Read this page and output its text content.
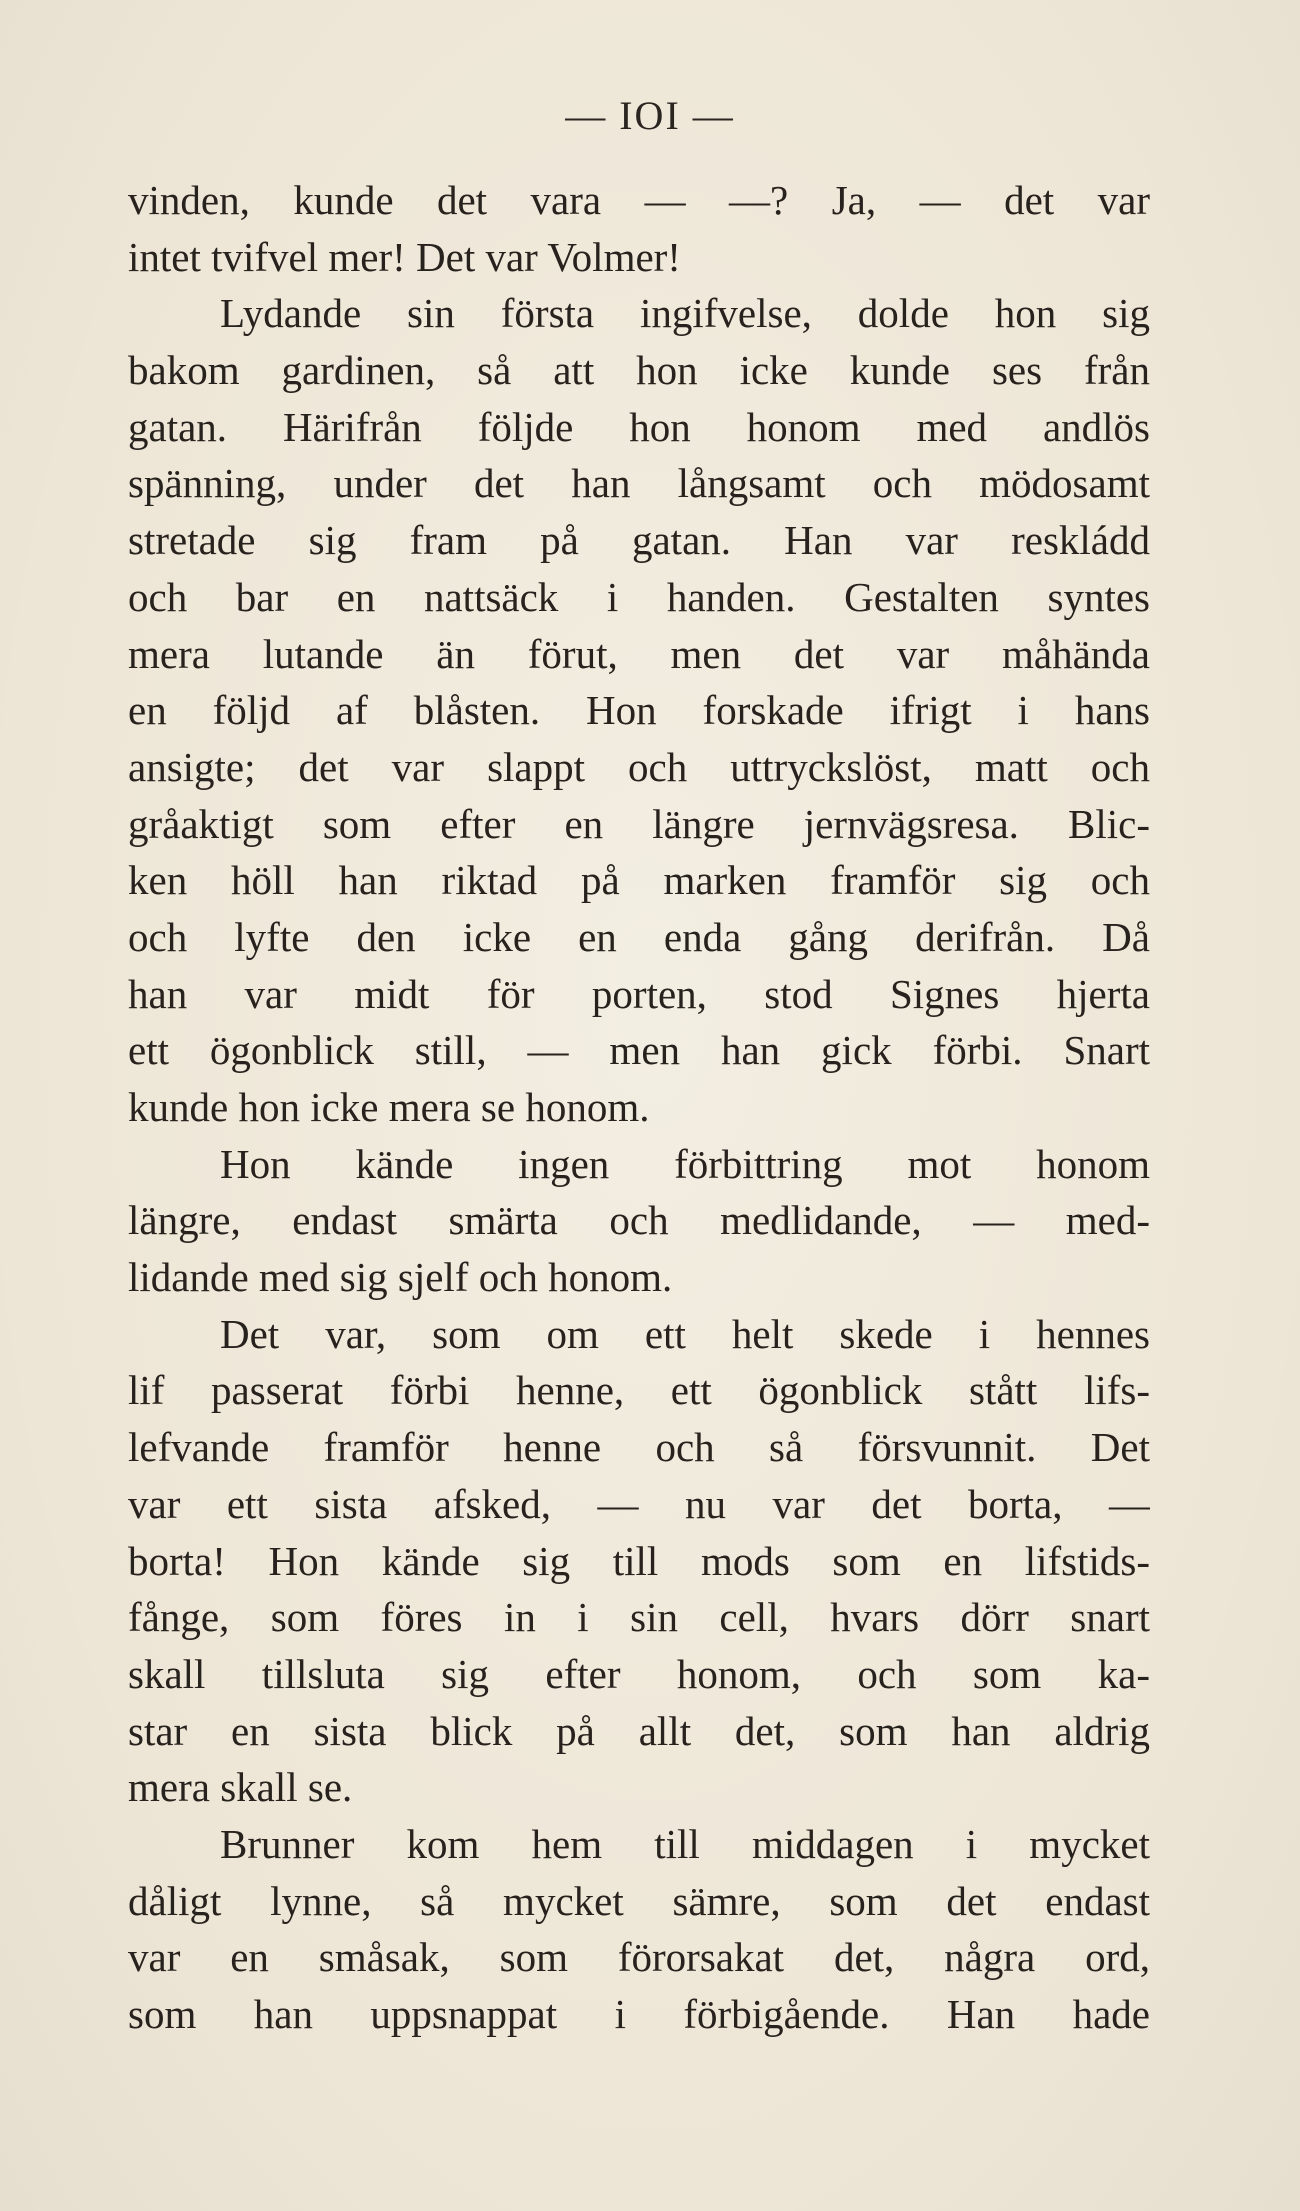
— IOI —
vinden, kunde det vara — —? Ja, — det var
intet tvifvel mer! Det var Volmer!
Lydande sin första ingifvelse, dolde hon sig
bakom gardinen, så att hon icke kunde ses från
gatan. Härifrån följde hon honom med andlös
spänning, under det han långsamt och mödosamt
stretade sig fram på gatan. Han var reskládd
och bar en nattsäck i handen. Gestalten syntes
mera lutande än förut, men det var måhända
en följd af blåsten. Hon forskade ifrigt i hans
ansigte; det var slappt och uttryckslöst, matt och
gråaktigt som efter en längre jernvägsresa. Blic-
ken höll han riktad på marken framför sig och
och lyfte den icke en enda gång derifrån. Då
han var midt för porten, stod Signes hjerta
ett ögonblick still, — men han gick förbi. Snart
kunde hon icke mera se honom.
Hon kände ingen förbittring mot honom
längre, endast smärta och medlidande, — med-
lidande med sig sjelf och honom.
Det var, som om ett helt skede i hennes
lif passerat förbi henne, ett ögonblick stått lifs-
lefvande framför henne och så försvunnit. Det
var ett sista afsked, — nu var det borta, —
borta! Hon kände sig till mods som en lifstids-
fånge, som föres in i sin cell, hvars dörr snart
skall tillsluta sig efter honom, och som ka-
star en sista blick på allt det, som han aldrig
mera skall se.
Brunner kom hem till middagen i mycket
dåligt lynne, så mycket sämre, som det endast
var en småsak, som förorsakat det, några ord,
som han uppsnappat i förbigående. Han hade
